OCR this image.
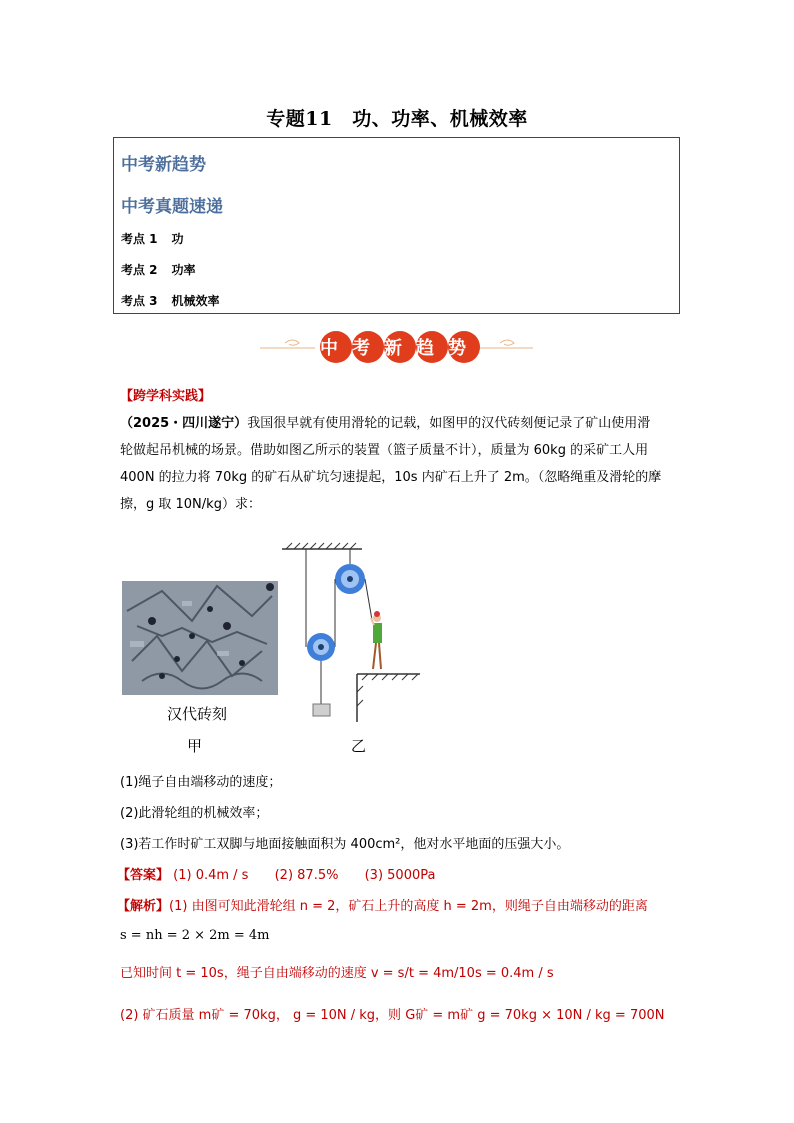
专题11　功、功率、机械效率
中考新趋势
中考真题速递
考点 1 功
考点 2 功率
考点 3 机械效率
中考新趋势
【跨学科实践】
（2025・四川遂宁）我国很早就有使用滑轮的记载，如图甲的汉代砖刻便记录了矿山使用滑
轮做起吊机械的场景。借助如图乙所示的装置（篮子质量不计），质量为 60kg 的采矿工人用
400N 的拉力将 70kg 的矿石从矿坑匀速提起，10s 内矿石上升了 2m。（忽略绳重及滑轮的摩
擦，g 取 10N/kg）求：
汉代砖刻
甲	乙
(1)绳子自由端移动的速度；
(2)此滑轮组的机械效率；
(3)若工作时矿工双脚与地面接触面积为 400cm²，他对水平地面的压强大小。
【答案】 (1) 0.4m / s (2) 87.5% (3) 5000Pa
【解析】(1) 由图可知此滑轮组 n = 2，矿石上升的高度 h = 2m，则绳子自由端移动的距离
s = nh = 2 × 2m = 4m
已知时间 t = 10s，绳子自由端移动的速度 v = s/t = 4m/10s = 0.4m / s
(2) 矿石质量 m矿 = 70kg， g = 10N / kg，则 G矿 = m矿 g = 70kg × 10N / kg = 700N
